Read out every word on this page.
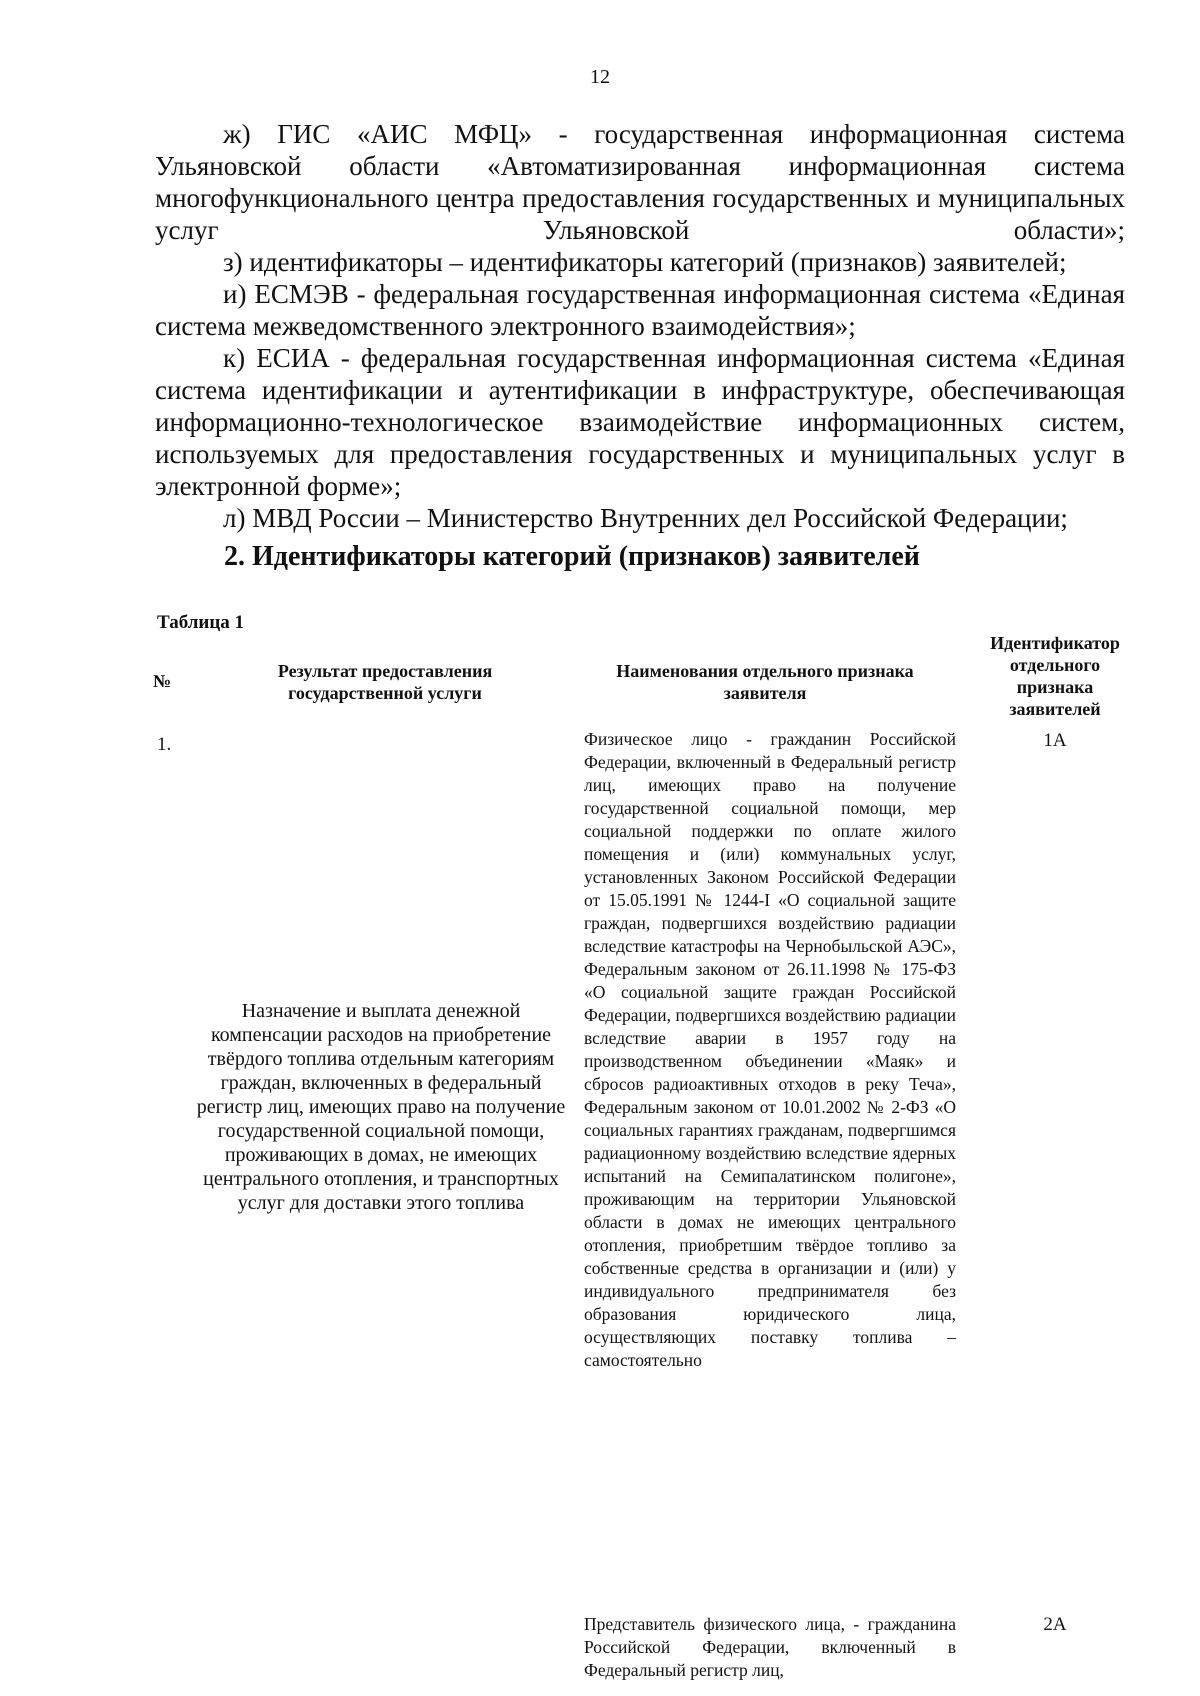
12

ж) ГИС «АИС МФЦ» - государственная информационная система Ульяновской области «Автоматизированная информационная система многофункционального центра предоставления государственных и муниципальных услуг Ульяновской области»;

з) идентификаторы – идентификаторы категорий (признаков) заявителей;

и) ЕСМЭВ - федеральная государственная информационная система «Единая система межведомственного электронного взаимодействия»;

к) ЕСИА - федеральная государственная информационная система «Единая система идентификации и аутентификации в инфраструктуре, обеспечивающая информационно-технологическое взаимодействие информационных систем, используемых для предоставления государственных и муниципальных услуг в электронной форме»;

л) МВД России – Министерство Внутренних дел Российской Федерации;

2. Идентификаторы категорий (признаков) заявителей
Таблица 1
№	Результат предоставления государственной услуги
Наименования отдельного признака заявителя
Идентификатор отдельного признака заявителей
1.
Назначение и выплата денежной компенсации расходов на приобретение твёрдого топлива отдельным категориям граждан, включенных в федеральный регистр лиц, имеющих право на получение государственной социальной помощи, проживающих в домах, не имеющих центрального отопления, и транспортных услуг для доставки этого топлива

Физическое лицо - гражданин Российской Федерации, включенный в Федеральный регистр лиц, имеющих право на получение государственной социальной помощи, мер социальной поддержки по оплате жилого помещения и (или) коммунальных услуг, установленных Законом Российской Федерации от 15.05.1991 № 1244-I «О социальной защите граждан, подвергшихся воздействию радиации вследствие катастрофы на Чернобыльской АЭС», Федеральным законом от 26.11.1998 № 175-ФЗ «О социальной защите граждан Российской Федерации, подвергшихся воздействию радиации вследствие аварии в 1957 году на производственном объединении «Маяк» и сбросов радиоактивных отходов в реку Теча», Федеральным законом от 10.01.2002 № 2-ФЗ «О социальных гарантиях гражданам, подвергшимся радиационному воздействию вследствие ядерных испытаний на Семипалатинском полигоне», проживающим на территории Ульяновской области в домах не имеющих центрального отопления, приобретшим твёрдое топливо за собственные средства в организации и (или) у индивидуального предпринимателя без образования юридического лица, осуществляющих поставку топлива – самостоятельно

1А

Представитель физического лица, - гражданина Российской Федерации, включенный в Федеральный регистр лиц,

2А
